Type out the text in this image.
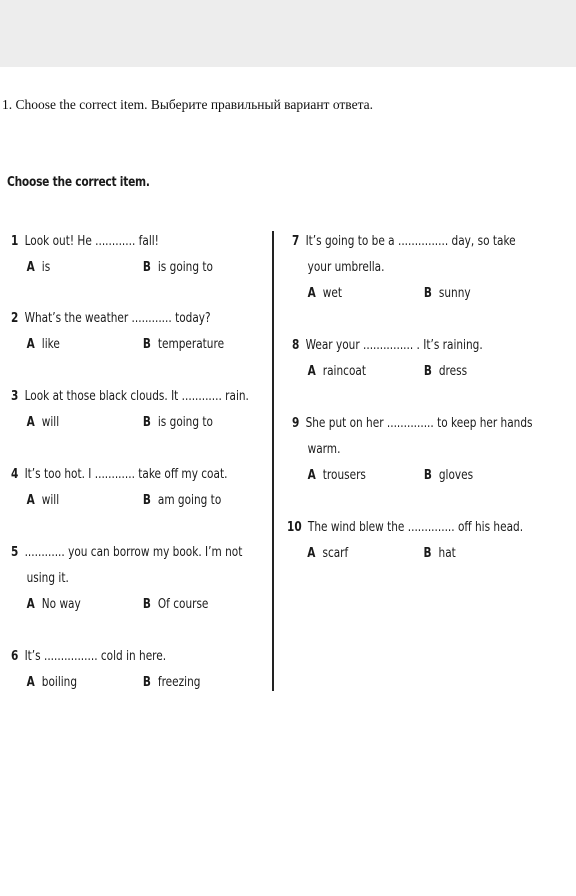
1. Choose the correct item. Выберите правильный вариант ответа.
Choose the correct item.
1 Look out! He ............ fall!
A is	B is going to
2 What’s the weather ............ today?
A like	B temperature
3 Look at those black clouds. It ............ rain.
A will	B is going to
4 It’s too hot. I ............ take off my coat.
A will	B am going to
5 ............ you can borrow my book. I’m not
using it.
A No way	B Of course
6 It’s ................ cold in here.
A boiling	B freezing
7 It’s going to be a ............... day, so take
your umbrella.
A wet	B sunny
8 Wear your ............... . It’s raining.
A raincoat	B dress
9 She put on her .............. to keep her hands
warm.
A trousers	B gloves
10 The wind blew the .............. off his head.
A scarf	B hat
